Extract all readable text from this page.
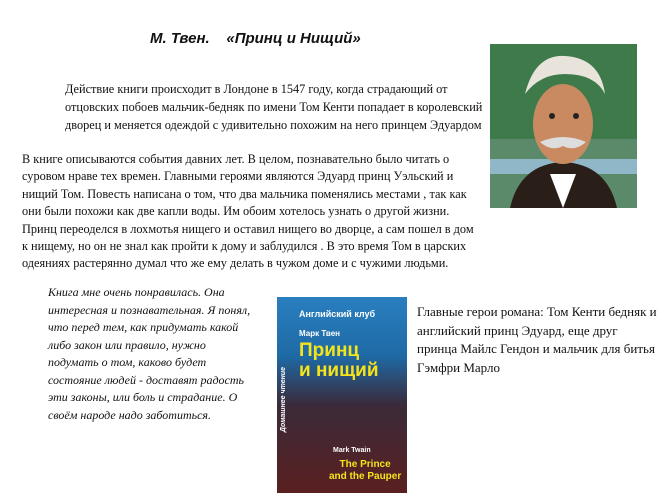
М. Твен.    «Принц и Нищий»
Действие книги происходит в Лондоне в 1547 году, когда страдающий от отцовских побоев мальчик-бедняк по имени Том Кенти попадает в королевский дворец и меняется одеждой с удивительно похожим на него принцем Эдуардом
В книге описываются события давних лет. В целом, познавательно было читать о суровом нраве тех времен. Главными героями являются Эдуард принц Уэльский и нищий Том. Повесть написана о том, что два мальчика поменялись местами , так как они были похожи как две капли воды. Им обоим хотелось узнать о другой жизни. Принц переоделся в лохмотья нищего и оставил нищего во дворце, а сам пошел в дом к нищему, но он не знал как пройти к дому и заблудился . В это время Том в царских одеяниях растерянно думал что же ему делать в чужом доме и с чужими людьми.
Книга мне очень понравилась. Она интересная и познавательная. Я понял, что перед тем, как придумать какой либо закон или правило, нужно подумать о том, каково будет состояние людей - доставят радость эти законы, или боль и страдание. О своём народе надо заботиться.
Главные герои романа: Том Кенти бедняк и английский принц Эдуард, еще друг принца Майлс Гендон и мальчик для битья Гэмфри Марло
Английский клуб
Марк Твен
Принц
и нищий
Домашнее чтение
Mark Twain
The Prince
and the Pauper
